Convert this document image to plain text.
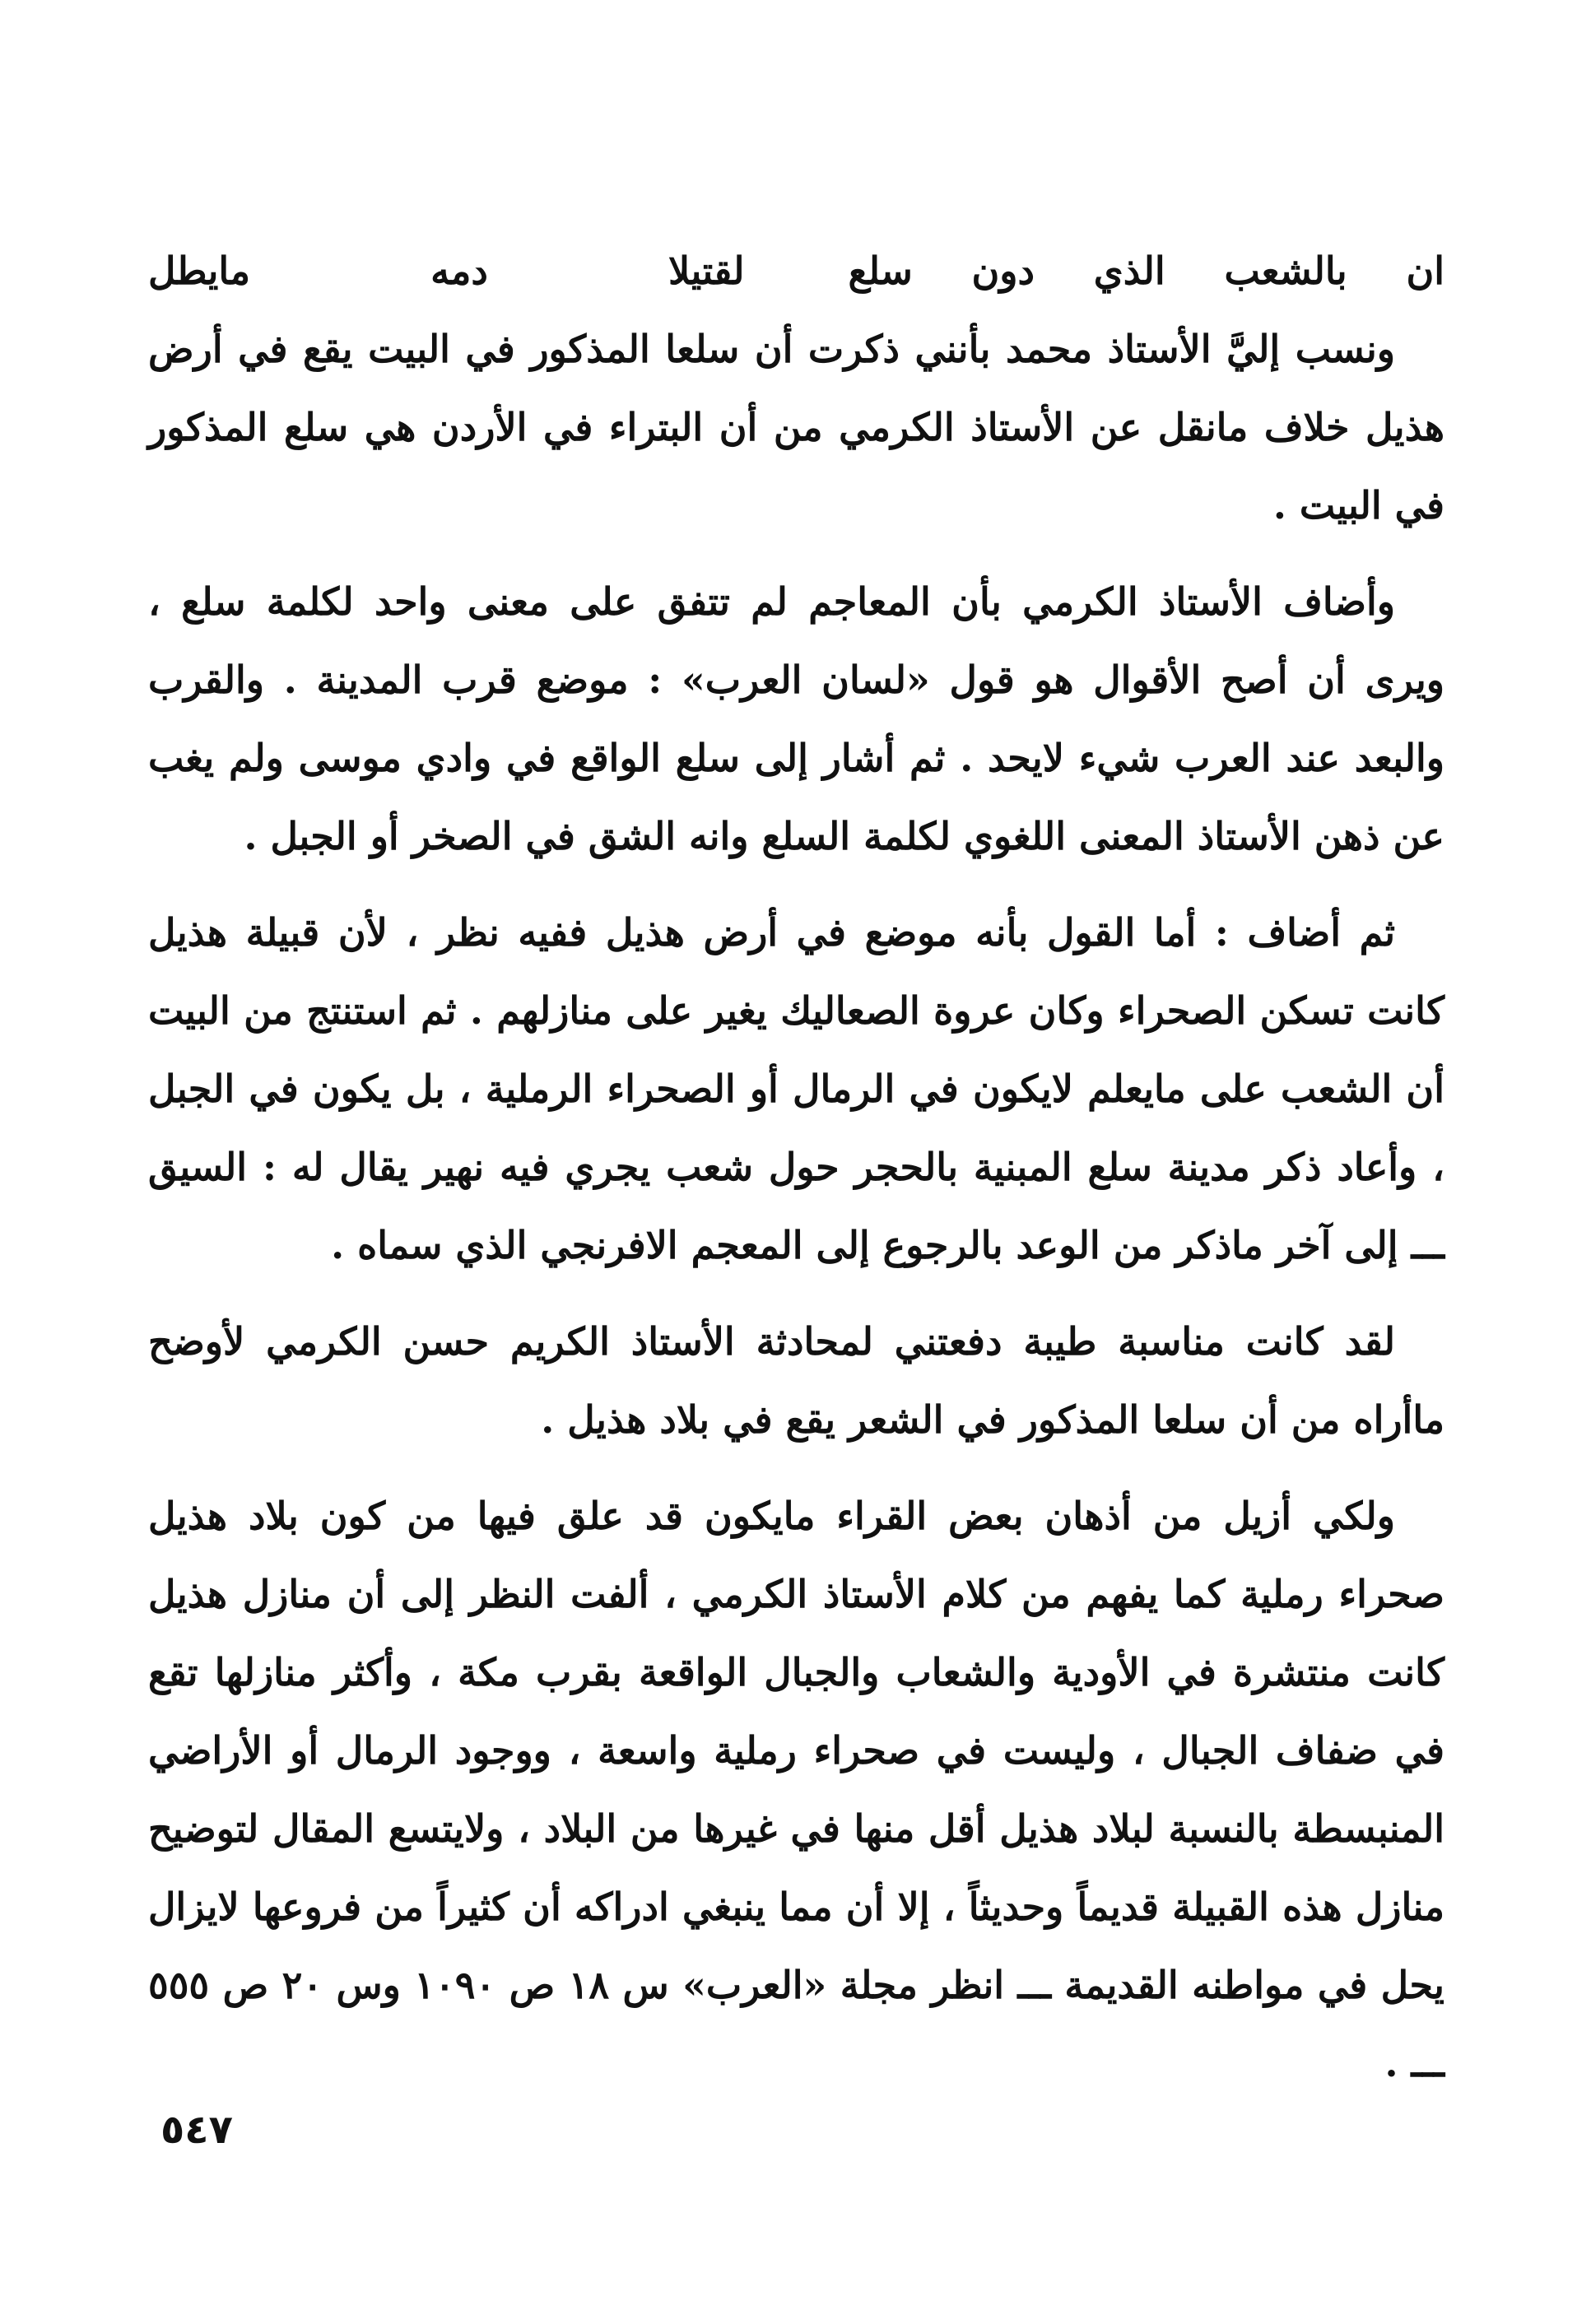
ان
بالشعب
الذي
دون
سلع
لقتيلا
دمه
مايطل

ونسب إليَّ الأستاذ محمد بأنني ذكرت أن سلعا المذكور في البيت يقع في أرض هذيل خلاف مانقل عن الأستاذ الكرمي من أن البتراء في الأردن هي سلع المذكور في البيت .

وأضاف الأستاذ الكرمي بأن المعاجم لم تتفق على معنى واحد لكلمة سلع ، ويرى أن أصح الأقوال هو قول «لسان العرب» : موضع قرب المدينة . والقرب والبعد عند العرب شيء لايحد . ثم أشار إلى سلع الواقع في وادي موسى ولم يغب عن ذهن الأستاذ المعنى اللغوي لكلمة السلع وانه الشق في الصخر أو الجبل .

ثم أضاف : أما القول بأنه موضع في أرض هذيل ففيه نظر ، لأن قبيلة هذيل كانت تسكن الصحراء وكان عروة الصعاليك يغير على منازلهم . ثم استنتج من البيت أن الشعب على مايعلم لايكون في الرمال أو الصحراء الرملية ، بل يكون في الجبل ، وأعاد ذكر مدينة سلع المبنية بالحجر حول شعب يجري فيه نهير يقال له : السيق ـــ إلى آخر ماذكر من الوعد بالرجوع إلى المعجم الافرنجي الذي سماه .

لقد كانت مناسبة طيبة دفعتني لمحادثة الأستاذ الكريم حسن الكرمي لأوضح ماأراه من أن سلعا المذكور في الشعر يقع في بلاد هذيل .

ولكي أزيل من أذهان بعض القراء مايكون قد علق فيها من كون بلاد هذيل صحراء رملية كما يفهم من كلام الأستاذ الكرمي ، ألفت النظر إلى أن منازل هذيل كانت منتشرة في الأودية والشعاب والجبال الواقعة بقرب مكة ، وأكثر منازلها تقع في ضفاف الجبال ، وليست في صحراء رملية واسعة ، ووجود الرمال أو الأراضي المنبسطة بالنسبة لبلاد هذيل أقل منها في غيرها من البلاد ، ولايتسع المقال لتوضيح منازل هذه القبيلة قديماً وحديثاً ، إلا أن مما ينبغي ادراكه أن كثيراً من فروعها لايزال يحل في مواطنه القديمة ـــ انظر مجلة «العرب» س ١٨ ص ١٠٩٠ وس ٢٠ ص ٥٥٥ ـــ .

٥٤٧
